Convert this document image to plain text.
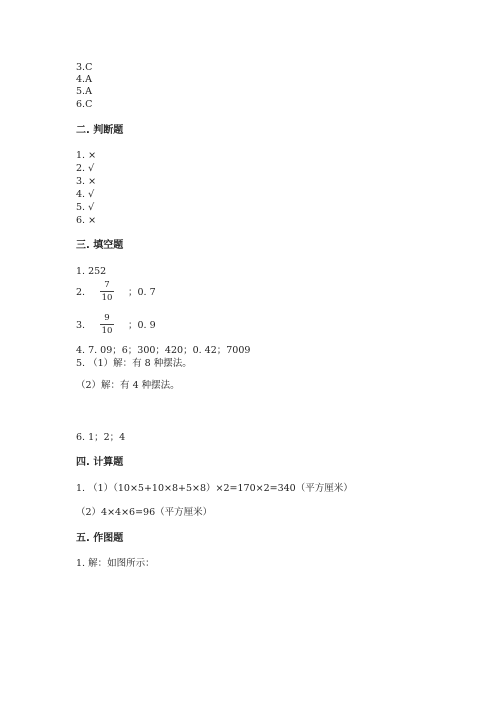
3.C
4.A
5.A
6.C
二. 判断题
1. ×
2. √
3. ×
4. √
5. √
6. ×
三. 填空题
1. 252
2.
7
10 ；0. 7
3.
9
10 ；0. 9
4. 7. 09；6；300；420；0. 42；7009
5. （1）解：有 8 种摆法。
（2）解：有 4 种摆法。
6. 1；2；4
四. 计算题
1. （1）（10×5+10×8+5×8）×2=170×2=340（平方厘米）
（2）4×4×6=96（平方厘米）
五. 作图题
1. 解：如图所示：
